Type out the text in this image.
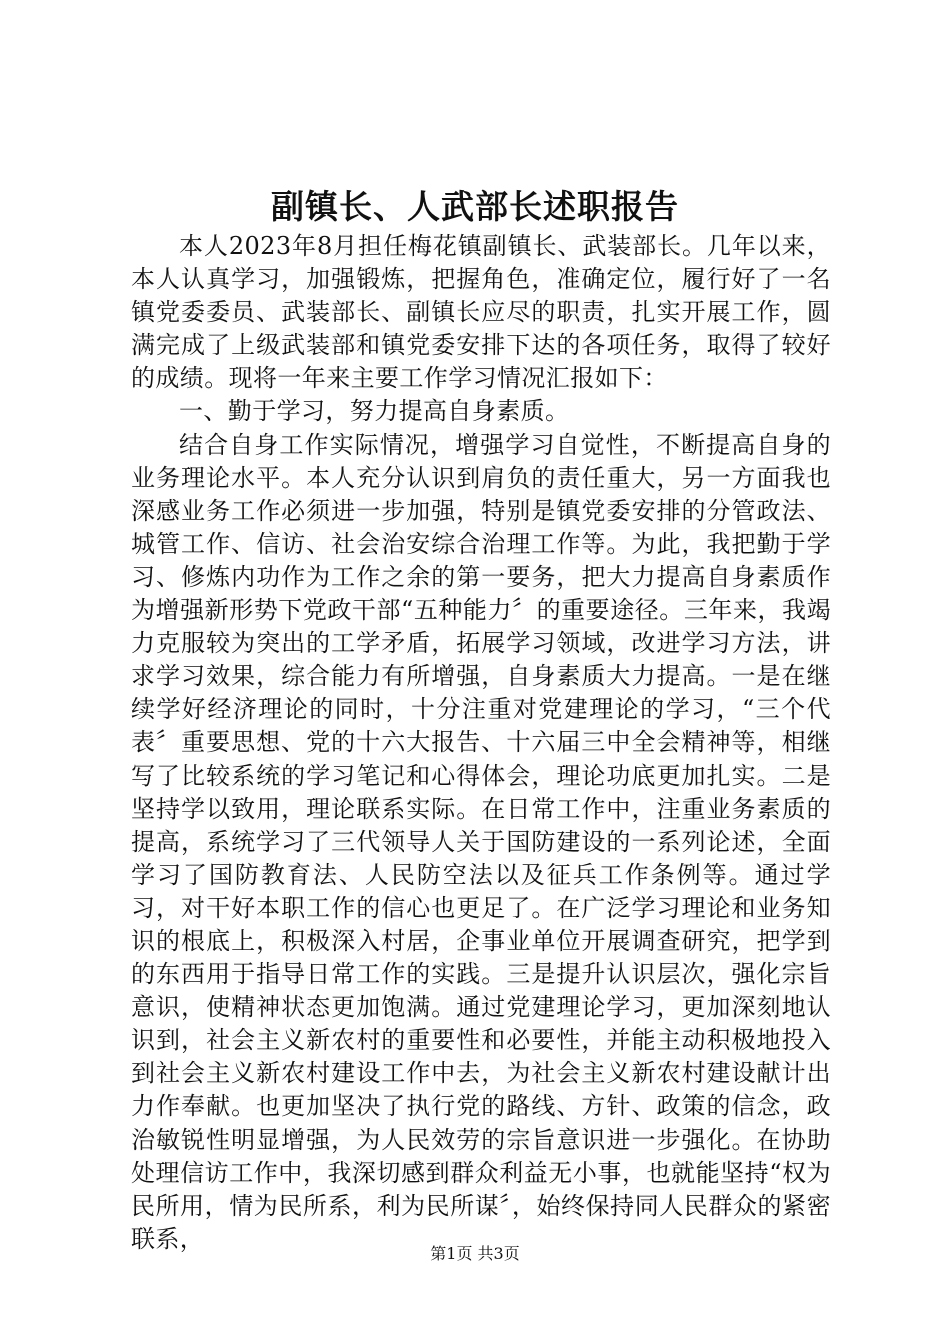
副镇长、人武部长述职报告

本人2023年8月担任梅花镇副镇长、武装部长。几年以来，本人认真学习，加强锻炼，把握角色，准确定位，履行好了一名镇党委委员、武装部长、副镇长应尽的职责，扎实开展工作，圆满完成了上级武装部和镇党委安排下达的各项任务，取得了较好的成绩。现将一年来主要工作学习情况汇报如下：

一、勤于学习，努力提高自身素质。

结合自身工作实际情况，增强学习自觉性，不断提高自身的业务理论水平。本人充分认识到肩负的责任重大，另一方面我也深感业务工作必须进一步加强，特别是镇党委安排的分管政法、城管工作、信访、社会治安综合治理工作等。为此，我把勤于学习、修炼内功作为工作之余的第一要务，把大力提高自身素质作为增强新形势下党政干部“五种能力〞的重要途径。三年来，我竭力克服较为突出的工学矛盾，拓展学习领域，改进学习方法，讲求学习效果，综合能力有所增强，自身素质大力提高。一是在继续学好经济理论的同时，十分注重对党建理论的学习，“三个代表〞重要思想、党的十六大报告、十六届三中全会精神等，相继写了比较系统的学习笔记和心得体会，理论功底更加扎实。二是坚持学以致用，理论联系实际。在日常工作中，注重业务素质的提高，系统学习了三代领导人关于国防建设的一系列论述，全面学习了国防教育法、人民防空法以及征兵工作条例等。通过学习，对干好本职工作的信心也更足了。在广泛学习理论和业务知识的根底上，积极深入村居，企事业单位开展调查研究，把学到的东西用于指导日常工作的实践。三是提升认识层次，强化宗旨意识，使精神状态更加饱满。通过党建理论学习，更加深刻地认识到，社会主义新农村的重要性和必要性，并能主动积极地投入到社会主义新农村建设工作中去，为社会主义新农村建设献计出力作奉献。也更加坚决了执行党的路线、方针、政策的信念，政治敏锐性明显增强，为人民效劳的宗旨意识进一步强化。在协助处理信访工作中，我深切感到群众利益无小事，也就能坚持“权为民所用，情为民所系，利为民所谋〞，始终保持同人民群众的紧密联系，

第1页 共3页
